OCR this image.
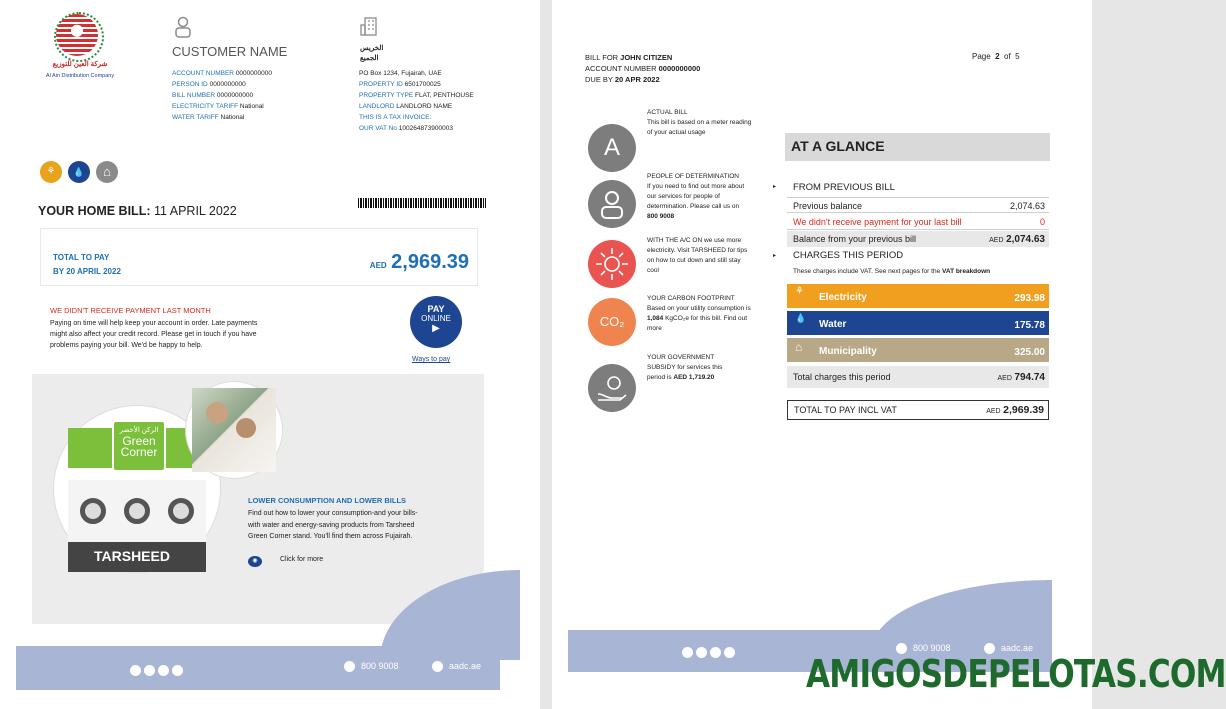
شركة العين للتوزيع
Al Ain Distribution Company
CUSTOMER NAME
ACCOUNT NUMBER 0000000000
PERSON ID 0000000000
BILL NUMBER 0000000000
ELECTRICITY TARIFF National
WATER TARIFF National
الخريس
الجميع
PO Box 1234, Fujairah, UAE
PROPERTY ID 6501700025
PROPERTY TYPE FLAT, PENTHOUSE
LANDLORD LANDLORD NAME
THIS IS A TAX INVOICE:
OUR VAT No 100264873900003
⚘	💧	⌂
YOUR HOME BILL: 11 APRIL 2022
TOTAL TO PAY
BY 20 APRIL 2022
AED 2,969.39
WE DIDN'T RECEIVE PAYMENT LAST MONTH
Paying on time will help keep your account in order. Late payments might also affect your credit record. Please get in touch if you have problems paying your bill. We'd be happy to help.
PAY
ONLINE
▶
Ways to pay
الركن الأخضر
Green
Corner
TARSHEED
LOWER CONSUMPTION AND LOWER BILLS
Find out how to lower your consumption-and your bills-with water and energy-saving products from Tarsheed Green Corner stand. You'll find them across Fujairah.
◉	Click for more
800 9008	aadc.ae
BILL FOR JOHN CITIZEN
ACCOUNT NUMBER 0000000000
DUE BY 20 APR 2022
Page 2 of 5
A
ACTUAL BILL
This bill is based on a meter reading of your actual usage
PEOPLE OF DETERMINATION
If you need to find out more about our services for people of determination. Please call us on 800 9008
WITH THE A/C ON we use more electricity. Visit TARSHEED for tips on how to cut down and still stay cool
CO₂
YOUR CARBON FOOTPRINT
Based on your utility consumption is 1,084 KgCO₂e for this bill. Find out more
YOUR GOVERNMENT
SUBSIDY for services this period is AED 1,719.20
AT A GLANCE
▸	FROM PREVIOUS BILL
Previous balance	2,074.63
We didn't receive payment for your last bill	0
Balance from your previous bill	AED 2,074.63
▸	CHARGES THIS PERIOD
These charges include VAT. See next pages for the VAT breakdown
⚘
Electricity	293.98
💧
Water	175.78
⌂ Municipality	325.00
Total charges this period	AED 794.74
TOTAL TO PAY INCL VAT	AED 2,969.39
800 9008	aadc.ae
AMIGOSDEPELOTAS.COM
